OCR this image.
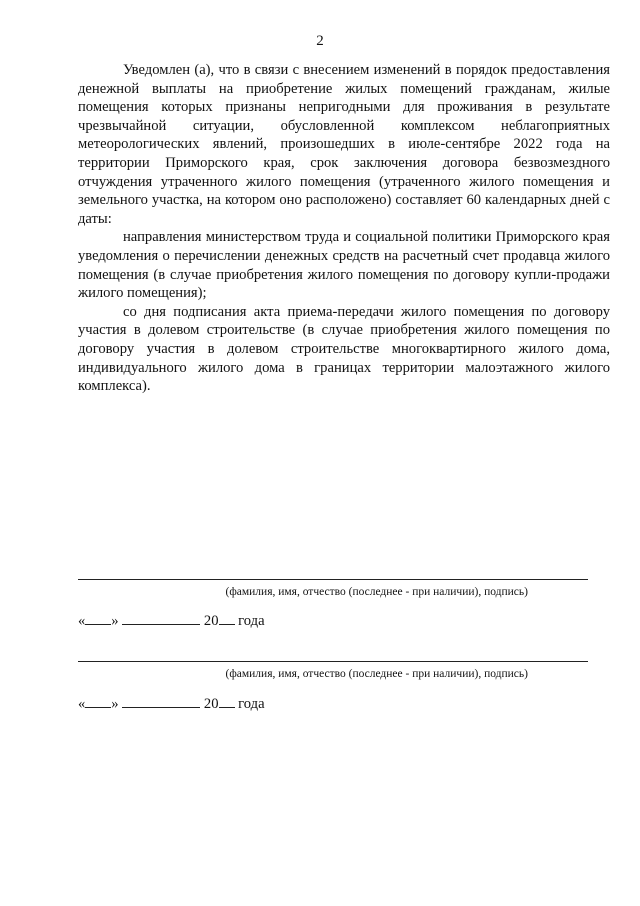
2

Уведомлен (а), что в связи с внесением изменений в порядок предоставления денежной выплаты на приобретение жилых помещений гражданам, жилые помещения которых признаны непригодными для проживания в результате чрезвычайной ситуации, обусловленной комплексом неблагоприятных метеорологических явлений, произошедших в июле-сентябре 2022 года на территории Приморского края, срок заключения договора безвозмездного отчуждения утраченного жилого помещения (утраченного жилого помещения и земельного участка, на котором оно расположено) составляет 60 календарных дней с даты:

направления министерством труда и социальной политики Приморского края уведомления о перечислении денежных средств на расчетный счет продавца жилого помещения (в случае приобретения жилого помещения по договору купли-продажи жилого помещения);

со дня подписания акта приема-передачи жилого помещения по договору участия в долевом строительстве (в случае приобретения жилого помещения по договору участия в долевом строительстве многоквартирного жилого дома, индивидуального жилого дома в границах территории малоэтажного жилого комплекса).

(фамилия, имя, отчество (последнее - при наличии), подпись)
« »	20 года
(фамилия, имя, отчество (последнее - при наличии), подпись)
« »	20 года
